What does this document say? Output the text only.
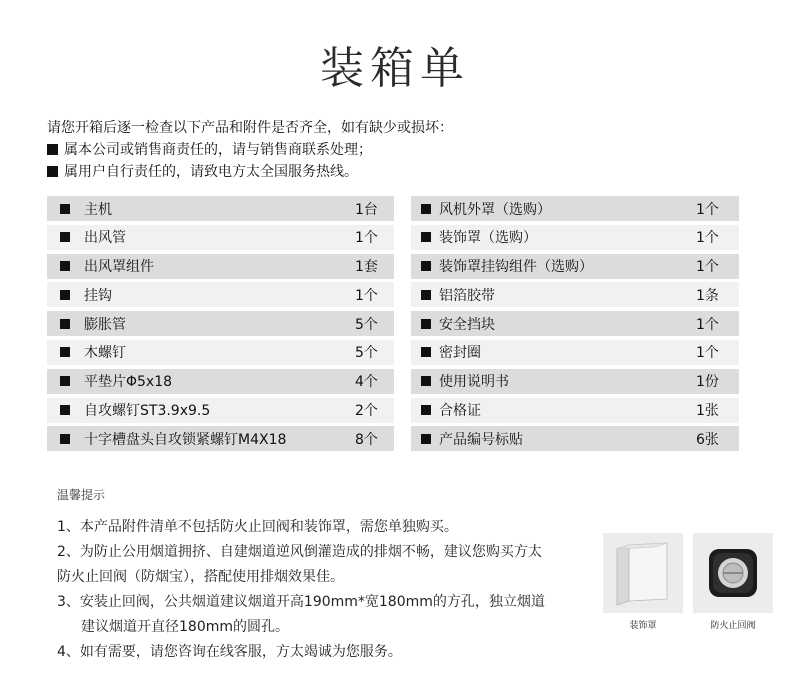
装箱单
请您开箱后逐一检查以下产品和附件是否齐全，如有缺少或损坏：
属本公司或销售商责任的，请与销售商联系处理；
属用户自行责任的，请致电方太全国服务热线。
主机	1台
出风管	1个
出风罩组件	1套
挂钩	1个
膨胀管	5个
木螺钉	5个
平垫片Φ5x18	4个
自攻螺钉ST3.9x9.5	2个
十字槽盘头自攻锁紧螺钉M4X18	8个
风机外罩（选购）	1个
装饰罩（选购）	1个
装饰罩挂钩组件（选购）	1个
铝箔胶带	1条
安全挡块	1个
密封圈	1个
使用说明书	1份
合格证	1张
产品编号标贴	6张
温馨提示
1、本产品附件清单不包括防火止回阀和装饰罩，需您单独购买。
2、为防止公用烟道拥挤、自建烟道逆风倒灌造成的排烟不畅，建议您购买方太
防火止回阀（防烟宝），搭配使用排烟效果佳。
3、安装止回阀，公共烟道建议烟道开高190mm*宽180mm的方孔，独立烟道
建议烟道开直径180mm的圆孔。
4、如有需要，请您咨询在线客服，方太竭诚为您服务。
装饰罩	防火止回阀
